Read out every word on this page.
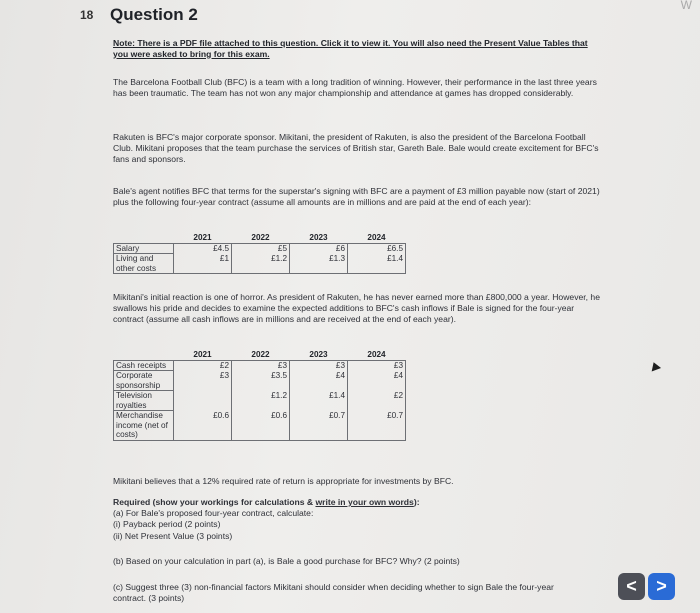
18 Question 2	W
Note: There is a PDF file attached to this question. Click it to view it. You will also need the Present Value Tables that you were asked to bring for this exam.
The Barcelona Football Club (BFC) is a team with a long tradition of winning. However, their performance in the last three years has been traumatic. The team has not won any major championship and attendance at games has dropped considerably.
Rakuten is BFC's major corporate sponsor. Mikitani, the president of Rakuten, is also the president of the Barcelona Football Club. Mikitani proposes that the team purchase the services of British star, Gareth Bale. Bale would create excitement for BFC's fans and sponsors.
Bale's agent notifies BFC that terms for the superstar's signing with BFC are a payment of £3 million payable now (start of 2021) plus the following four-year contract (assume all amounts are in millions and are paid at the end of each year):
	2021	2022	2023	2024
Salary	£4.5	£5	£6	£6.5
Living and other costs	£1	£1.2	£1.3	£1.4
Mikitani's initial reaction is one of horror. As president of Rakuten, he has never earned more than £800,000 a year. However, he swallows his pride and decides to examine the expected additions to BFC's cash inflows if Bale is signed for the four-year contract (assume all cash inflows are in millions and are received at the end of each year).
	2021	2022	2023	2024
Cash receipts	£2	£3	£3	£3
Corporate sponsorship	£3	£3.5	£4	£4
Television royalties		£1.2	£1.4	£2
Merchandise income (net of costs)	£0.6	£0.6	£0.7	£0.7
Mikitani believes that a 12% required rate of return is appropriate for investments by BFC.
Required (show your workings for calculations & write in your own words):
(a) For Bale's proposed four-year contract, calculate:
(i) Payback period (2 points)
(ii) Net Present Value (3 points)
(b) Based on your calculation in part (a), is Bale a good purchase for BFC? Why? (2 points)
(c) Suggest three (3) non-financial factors Mikitani should consider when deciding whether to sign Bale the four-year contract. (3 points)
<	>
